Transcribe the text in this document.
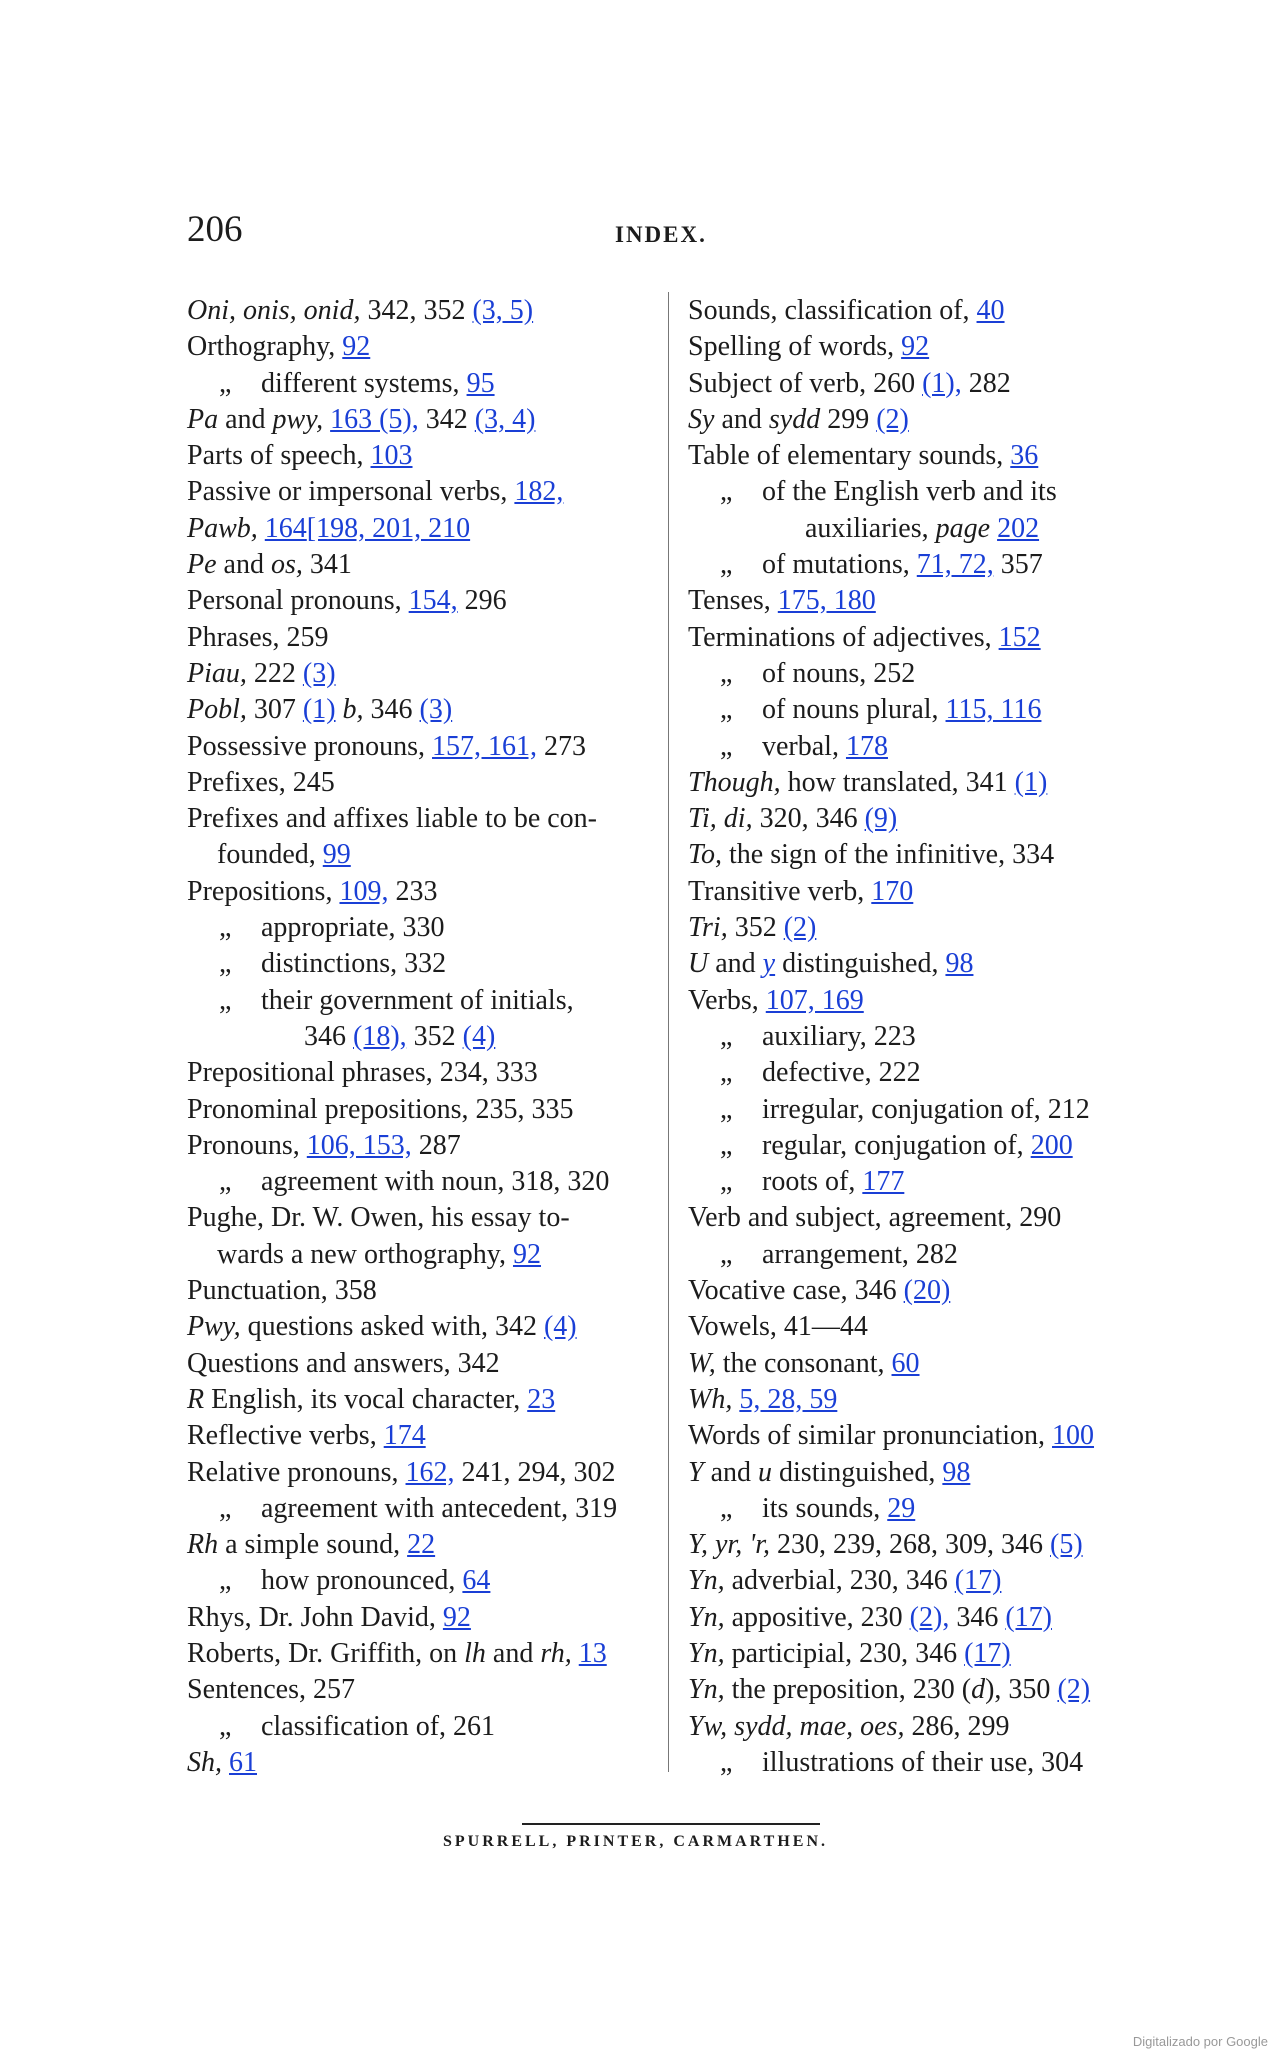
206	INDEX.
Oni, onis, onid, 342, 352 (3, 5)
Orthography, 92
„ different systems, 95
Pa and pwy, 163 (5), 342 (3, 4)
Parts of speech, 103
Passive or impersonal verbs, 182,
Pawb, 164[198, 201, 210
Pe and os, 341
Personal pronouns, 154, 296
Phrases, 259
Piau, 222 (3)
Pobl, 307 (1) b, 346 (3)
Possessive pronouns, 157, 161, 273
Prefixes, 245
Prefixes and affixes liable to be con-
founded, 99
Prepositions, 109, 233
„ appropriate, 330
„ distinctions, 332
„ their government of initials,
346 (18), 352 (4)
Prepositional phrases, 234, 333
Pronominal prepositions, 235, 335
Pronouns, 106, 153, 287
„ agreement with noun, 318, 320
Pughe, Dr. W. Owen, his essay to-
wards a new orthography, 92
Punctuation, 358
Pwy, questions asked with, 342 (4)
Questions and answers, 342
R English, its vocal character, 23
Reflective verbs, 174
Relative pronouns, 162, 241, 294, 302
„ agreement with antecedent, 319
Rh a simple sound, 22
„ how pronounced, 64
Rhys, Dr. John David, 92
Roberts, Dr. Griffith, on lh and rh, 13
Sentences, 257
„ classification of, 261
Sh, 61
Sounds, classification of, 40
Spelling of words, 92
Subject of verb, 260 (1), 282
Sy and sydd 299 (2)
Table of elementary sounds, 36
„ of the English verb and its
auxiliaries, page 202
„ of mutations, 71, 72, 357
Tenses, 175, 180
Terminations of adjectives, 152
„ of nouns, 252
„ of nouns plural, 115, 116
„ verbal, 178
Though, how translated, 341 (1)
Ti, di, 320, 346 (9)
To, the sign of the infinitive, 334
Transitive verb, 170
Tri, 352 (2)
U and y distinguished, 98
Verbs, 107, 169
„ auxiliary, 223
„ defective, 222
„ irregular, conjugation of, 212
„ regular, conjugation of, 200
„ roots of, 177
Verb and subject, agreement, 290
„ arrangement, 282
Vocative case, 346 (20)
Vowels, 41—44
W, the consonant, 60
Wh, 5, 28, 59
Words of similar pronunciation, 100
Y and u distinguished, 98
„ its sounds, 29
Y, yr, 'r, 230, 239, 268, 309, 346 (5)
Yn, adverbial, 230, 346 (17)
Yn, appositive, 230 (2), 346 (17)
Yn, participial, 230, 346 (17)
Yn, the preposition, 230 (d), 350 (2)
Yw, sydd, mae, oes, 286, 299
„ illustrations of their use, 304
SPURRELL, PRINTER, CARMARTHEN.
Digitalizado por Google
